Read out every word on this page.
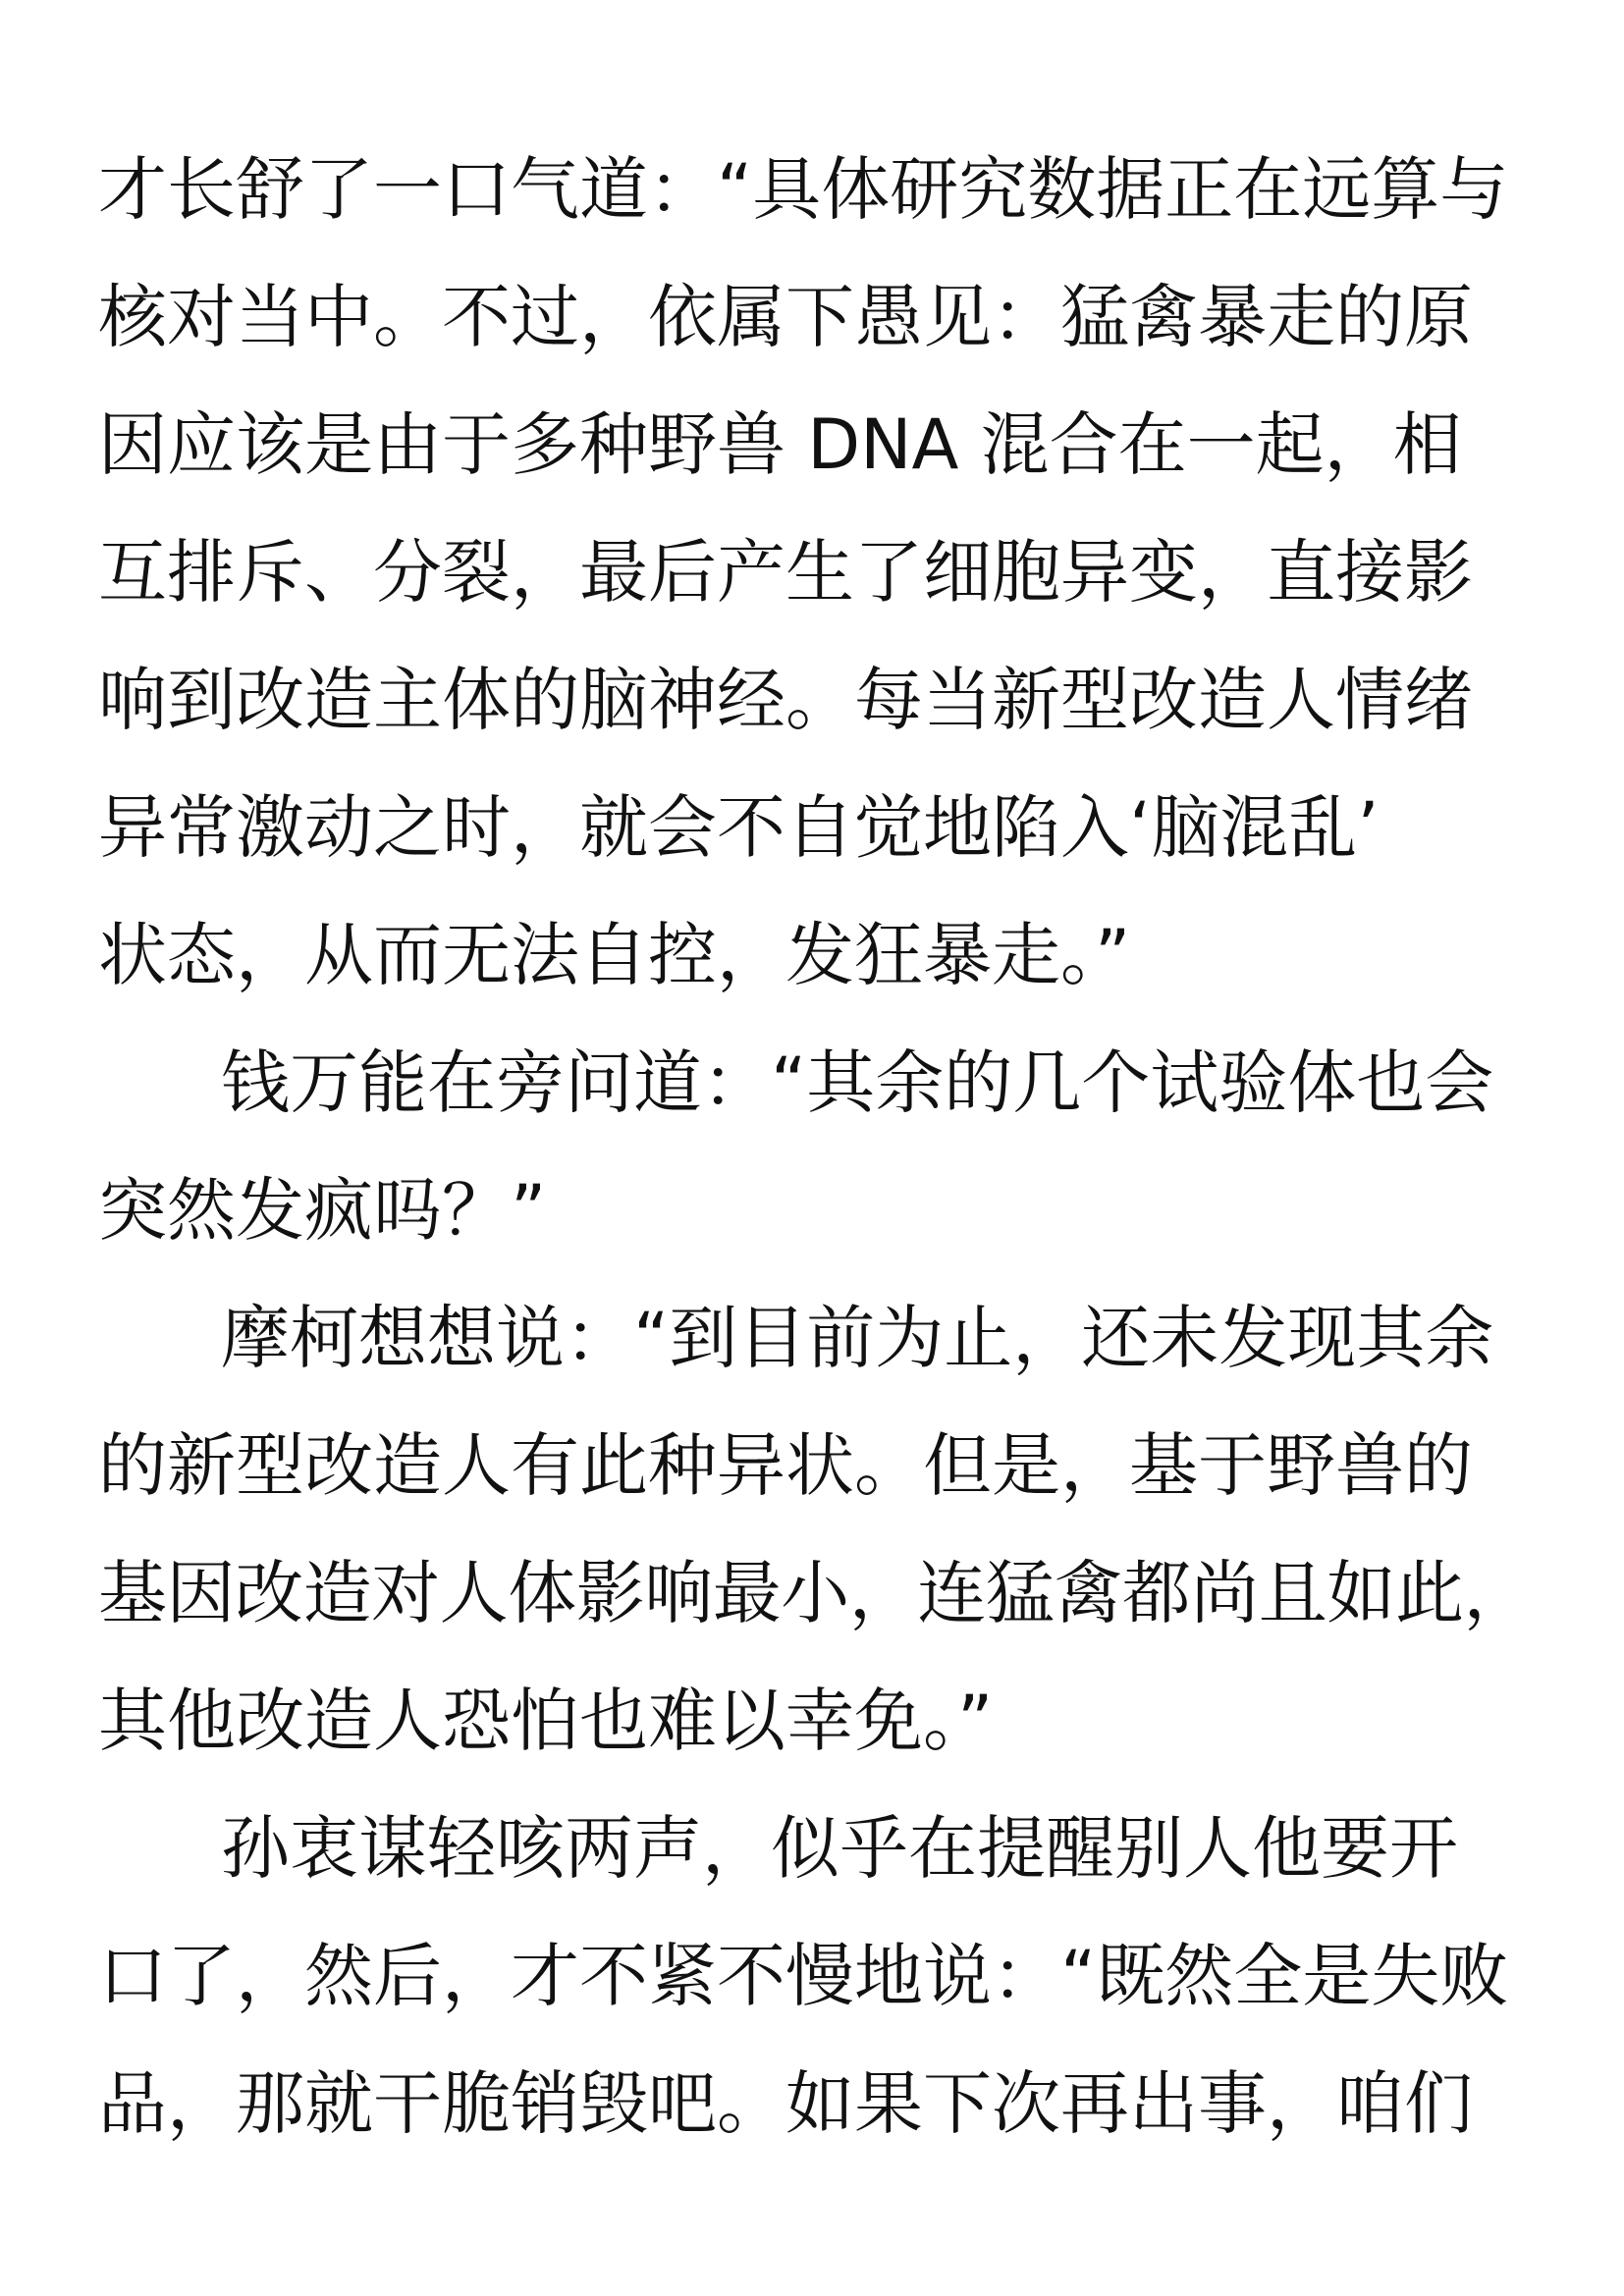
才长舒了一口气道：“具体研究数据正在远算与
核对当中。不过，依属下愚见：猛禽暴走的原
因应该是由于多种野兽 DNA 混合在一起，相
互排斥、分裂，最后产生了细胞异变，直接影
响到改造主体的脑神经。每当新型改造人情绪
异常激动之时，就会不自觉地陷入‘脑混乱’
状态，从而无法自控，发狂暴走。”
钱万能在旁问道：“其余的几个试验体也会
突然发疯吗？”
摩柯想想说：“到目前为止，还未发现其余
的新型改造人有此种异状。但是，基于野兽的
基因改造对人体影响最小，连猛禽都尚且如此，
其他改造人恐怕也难以幸免。”
孙衷谋轻咳两声，似乎在提醒别人他要开
口了，然后，才不紧不慢地说：“既然全是失败
品，那就干脆销毁吧。如果下次再出事，咱们
